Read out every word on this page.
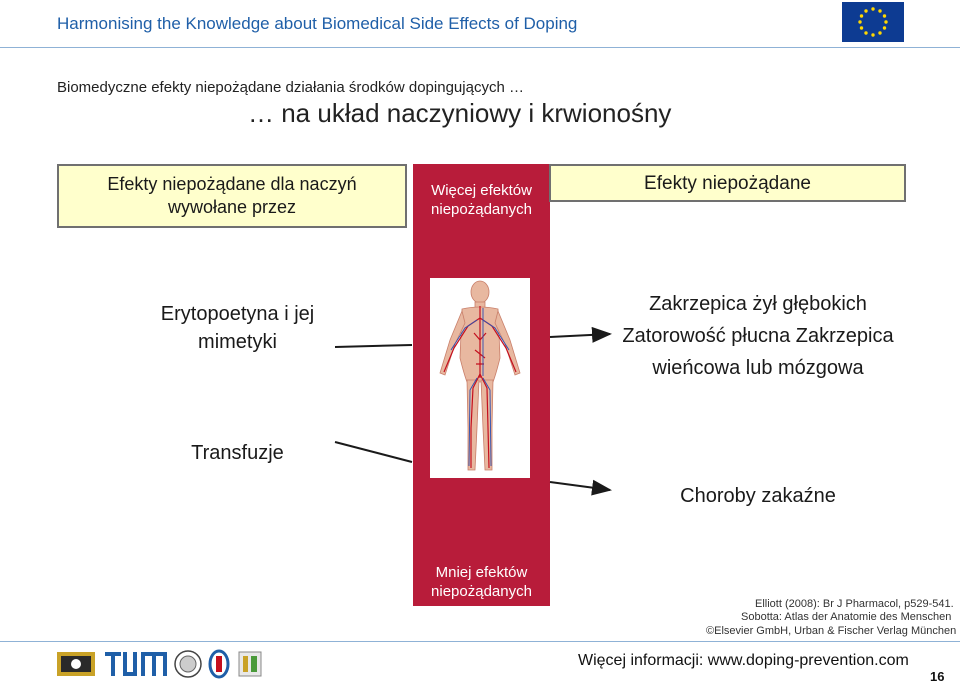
Harmonising the Knowledge about Biomedical Side Effects of Doping
Biomedyczne efekty niepożądane działania środków dopingujących …
… na układ naczyniowy i krwionośny
Efekty niepożądane dla naczyń wywołane przez
Więcej efektów niepożądanych
Mniej efektów niepożądanych
Efekty niepożądane
:1
Erytopoetyna i jej mimetyki
Transfuzje
Zakrzepica żył głębokich Zatorowość płucna Zakrzepica wieńcowa lub mózgowa
Choroby zakaźne
Elliott (2008): Br J Pharmacol, p529-541.
Sobotta: Atlas der Anatomie des Menschen
©Elsevier GmbH, Urban & Fischer Verlag München
Więcej informacji: www.doping-prevention.com
16
